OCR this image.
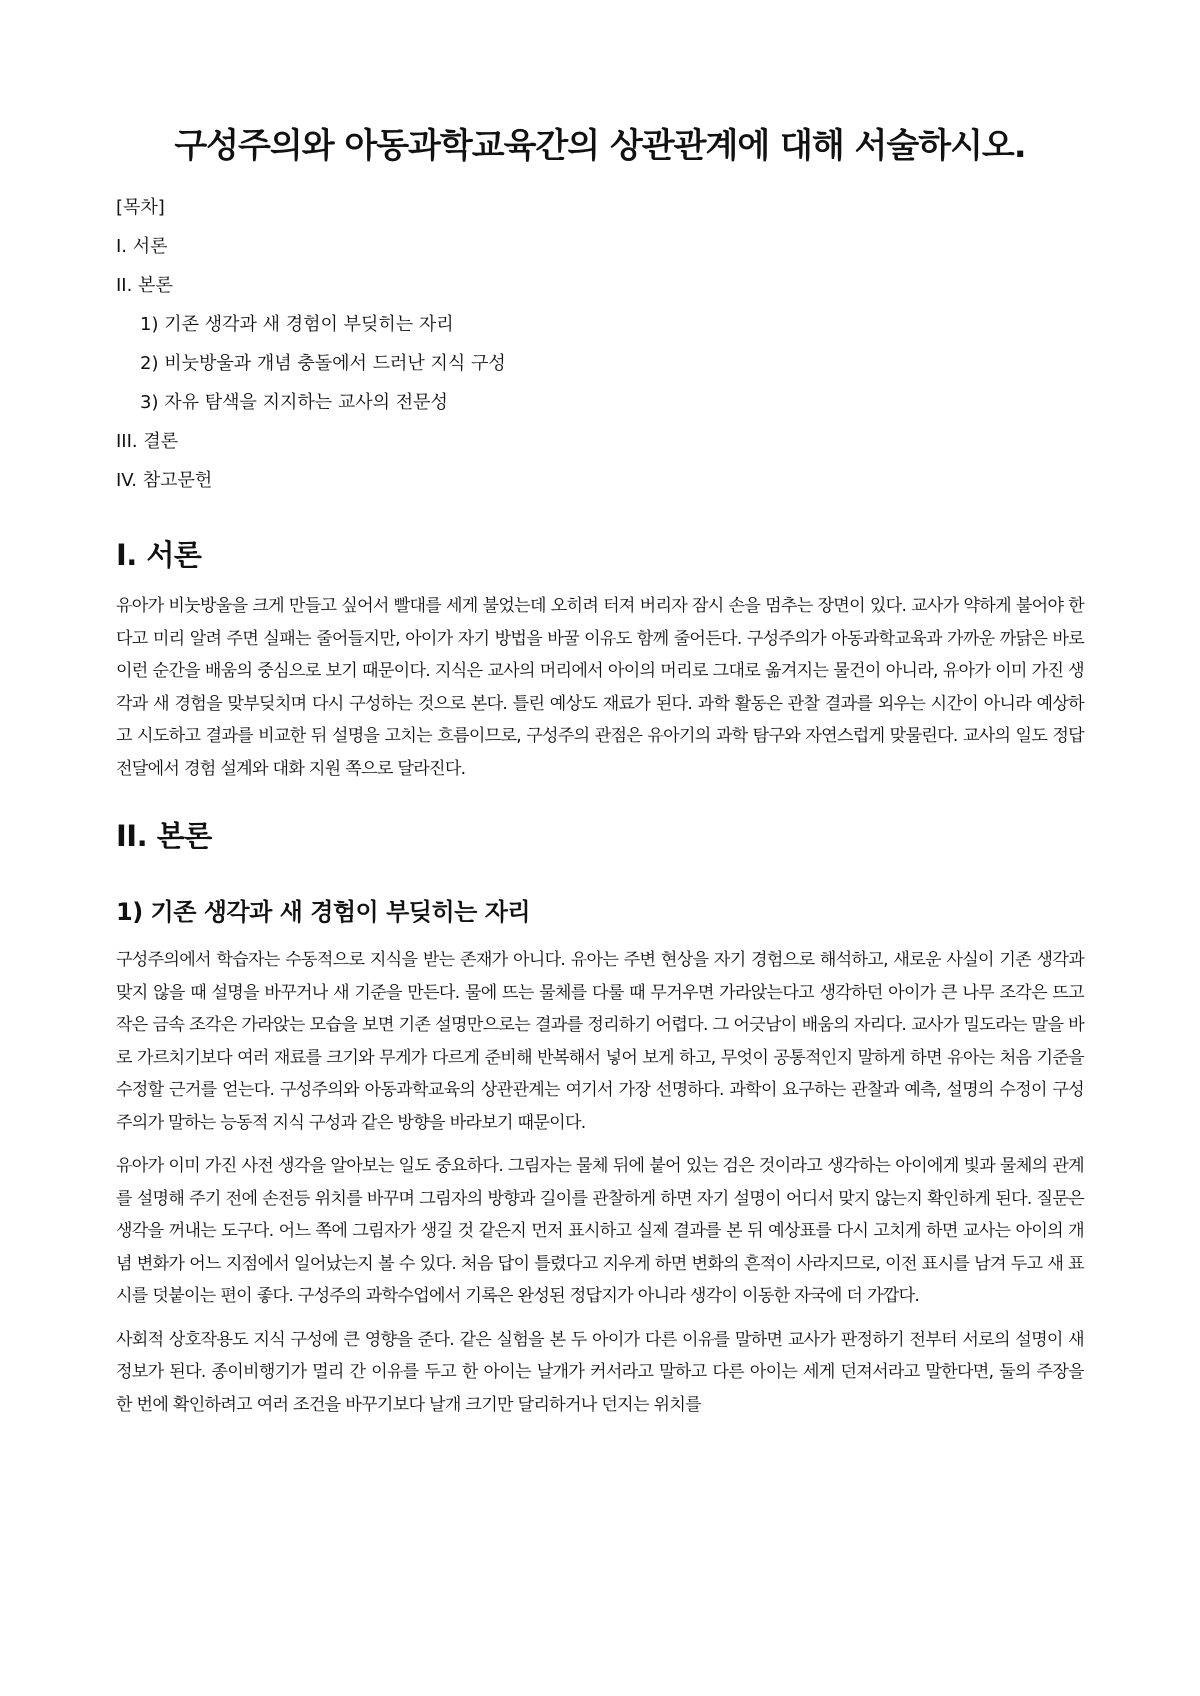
구성주의와 아동과학교육간의 상관관계에 대해 서술하시오.
[목차]
I. 서론
II. 본론
1) 기존 생각과 새 경험이 부딪히는 자리
2) 비눗방울과 개념 충돌에서 드러난 지식 구성
3) 자유 탐색을 지지하는 교사의 전문성
III. 결론
IV. 참고문헌
I. 서론

유아가 비눗방울을 크게 만들고 싶어서 빨대를 세게 불었는데 오히려 터져 버리자 잠시 손을 멈추는 장면이 있다. 교사가 약하게 불어야 한다고 미리 알려 주면 실패는 줄어들지만, 아이가 자기 방법을 바꿀 이유도 함께 줄어든다. 구성주의가 아동과학교육과 가까운 까닭은 바로 이런 순간을 배움의 중심으로 보기 때문이다. 지식은 교사의 머리에서 아이의 머리로 그대로 옮겨지는 물건이 아니라, 유아가 이미 가진 생각과 새 경험을 맞부딪치며 다시 구성하는 것으로 본다. 틀린 예상도 재료가 된다. 과학 활동은 관찰 결과를 외우는 시간이 아니라 예상하고 시도하고 결과를 비교한 뒤 설명을 고치는 흐름이므로, 구성주의 관점은 유아기의 과학 탐구와 자연스럽게 맞물린다. 교사의 일도 정답 전달에서 경험 설계와 대화 지원 쪽으로 달라진다.

II. 본론
1) 기존 생각과 새 경험이 부딪히는 자리

구성주의에서 학습자는 수동적으로 지식을 받는 존재가 아니다. 유아는 주변 현상을 자기 경험으로 해석하고, 새로운 사실이 기존 생각과 맞지 않을 때 설명을 바꾸거나 새 기준을 만든다. 물에 뜨는 물체를 다룰 때 무거우면 가라앉는다고 생각하던 아이가 큰 나무 조각은 뜨고 작은 금속 조각은 가라앉는 모습을 보면 기존 설명만으로는 결과를 정리하기 어렵다. 그 어긋남이 배움의 자리다. 교사가 밀도라는 말을 바로 가르치기보다 여러 재료를 크기와 무게가 다르게 준비해 반복해서 넣어 보게 하고, 무엇이 공통적인지 말하게 하면 유아는 처음 기준을 수정할 근거를 얻는다. 구성주의와 아동과학교육의 상관관계는 여기서 가장 선명하다. 과학이 요구하는 관찰과 예측, 설명의 수정이 구성주의가 말하는 능동적 지식 구성과 같은 방향을 바라보기 때문이다.

유아가 이미 가진 사전 생각을 알아보는 일도 중요하다. 그림자는 물체 뒤에 붙어 있는 검은 것이라고 생각하는 아이에게 빛과 물체의 관계를 설명해 주기 전에 손전등 위치를 바꾸며 그림자의 방향과 길이를 관찰하게 하면 자기 설명이 어디서 맞지 않는지 확인하게 된다. 질문은 생각을 꺼내는 도구다. 어느 쪽에 그림자가 생길 것 같은지 먼저 표시하고 실제 결과를 본 뒤 예상표를 다시 고치게 하면 교사는 아이의 개념 변화가 어느 지점에서 일어났는지 볼 수 있다. 처음 답이 틀렸다고 지우게 하면 변화의 흔적이 사라지므로, 이전 표시를 남겨 두고 새 표시를 덧붙이는 편이 좋다. 구성주의 과학수업에서 기록은 완성된 정답지가 아니라 생각이 이동한 자국에 더 가깝다.

사회적 상호작용도 지식 구성에 큰 영향을 준다. 같은 실험을 본 두 아이가 다른 이유를 말하면 교사가 판정하기 전부터 서로의 설명이 새 정보가 된다. 종이비행기가 멀리 간 이유를 두고 한 아이는 날개가 커서라고 말하고 다른 아이는 세게 던져서라고 말한다면, 둘의 주장을 한 번에 확인하려고 여러 조건을 바꾸기보다 날개 크기만 달리하거나 던지는 위치를
